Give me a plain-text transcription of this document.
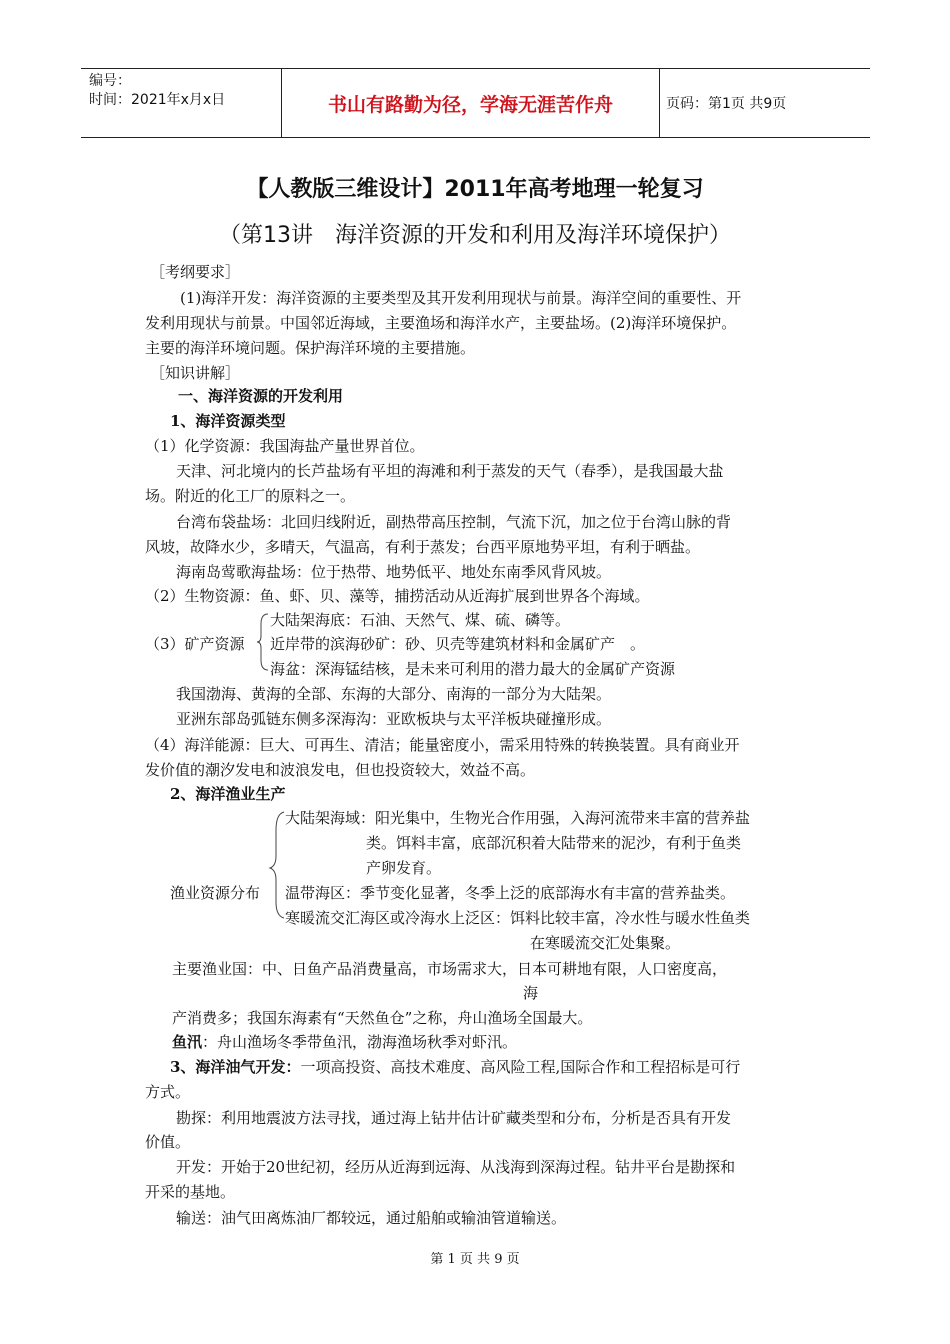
编号：
时间：2021年x月x日	书山有路勤为径，学海无涯苦作舟	页码：第1页 共9页
【人教版三维设计】2011年高考地理一轮复习
（第13讲　海洋资源的开发和利用及海洋环境保护）
［考纲要求］
(1)海洋开发：海洋资源的主要类型及其开发利用现状与前景。海洋空间的重要性、开
发利用现状与前景。中国邻近海域，主要渔场和海洋水产，主要盐场。(2)海洋环境保护。
主要的海洋环境问题。保护海洋环境的主要措施。
［知识讲解］
一、海洋资源的开发利用
1、海洋资源类型
（1）化学资源：我国海盐产量世界首位。
天津、河北境内的长芦盐场有平坦的海滩和利于蒸发的天气（春季），是我国最大盐
场。附近的化工厂的原料之一。
台湾布袋盐场：北回归线附近，副热带高压控制，气流下沉，加之位于台湾山脉的背
风坡，故降水少，多晴天，气温高，有利于蒸发；台西平原地势平坦，有利于晒盐。
海南岛莺歌海盐场：位于热带、地势低平、地处东南季风背风坡。
（2）生物资源：鱼、虾、贝、藻等，捕捞活动从近海扩展到世界各个海域。
大陆架海底：石油、天然气、煤、硫、磷等。
（3）矿产资源 近岸带的滨海砂矿：砂、贝壳等建筑材料和金属矿产　。
海盆：深海锰结核，是未来可利用的潜力最大的金属矿产资源
我国渤海、黄海的全部、东海的大部分、南海的一部分为大陆架。
亚洲东部岛弧链东侧多深海沟：亚欧板块与太平洋板块碰撞形成。
（4）海洋能源：巨大、可再生、清洁；能量密度小，需采用特殊的转换装置。具有商业开
发价值的潮汐发电和波浪发电，但也投资较大，效益不高。
2、海洋渔业生产
大陆架海域：阳光集中，生物光合作用强，入海河流带来丰富的营养盐
类。饵料丰富，底部沉积着大陆带来的泥沙，有利于鱼类
产卵发育。
渔业资源分布 温带海区：季节变化显著，冬季上泛的底部海水有丰富的营养盐类。
寒暖流交汇海区或冷海水上泛区：饵料比较丰富，冷水性与暖水性鱼类
在寒暖流交汇处集聚。
主要渔业国：中、日鱼产品消费量高，市场需求大，日本可耕地有限，人口密度高，
海
产消费多；我国东海素有“天然鱼仓”之称，舟山渔场全国最大。
鱼汛：舟山渔场冬季带鱼汛，渤海渔场秋季对虾汛。
3、海洋油气开发：一项高投资、高技术难度、高风险工程,国际合作和工程招标是可行
方式。
勘探：利用地震波方法寻找，通过海上钻井估计矿藏类型和分布，分析是否具有开发
价值。
开发：开始于20世纪初，经历从近海到远海、从浅海到深海过程。钻井平台是勘探和
开采的基地。
输送：油气田离炼油厂都较远，通过船舶或输油管道输送。
第 1 页 共 9 页
